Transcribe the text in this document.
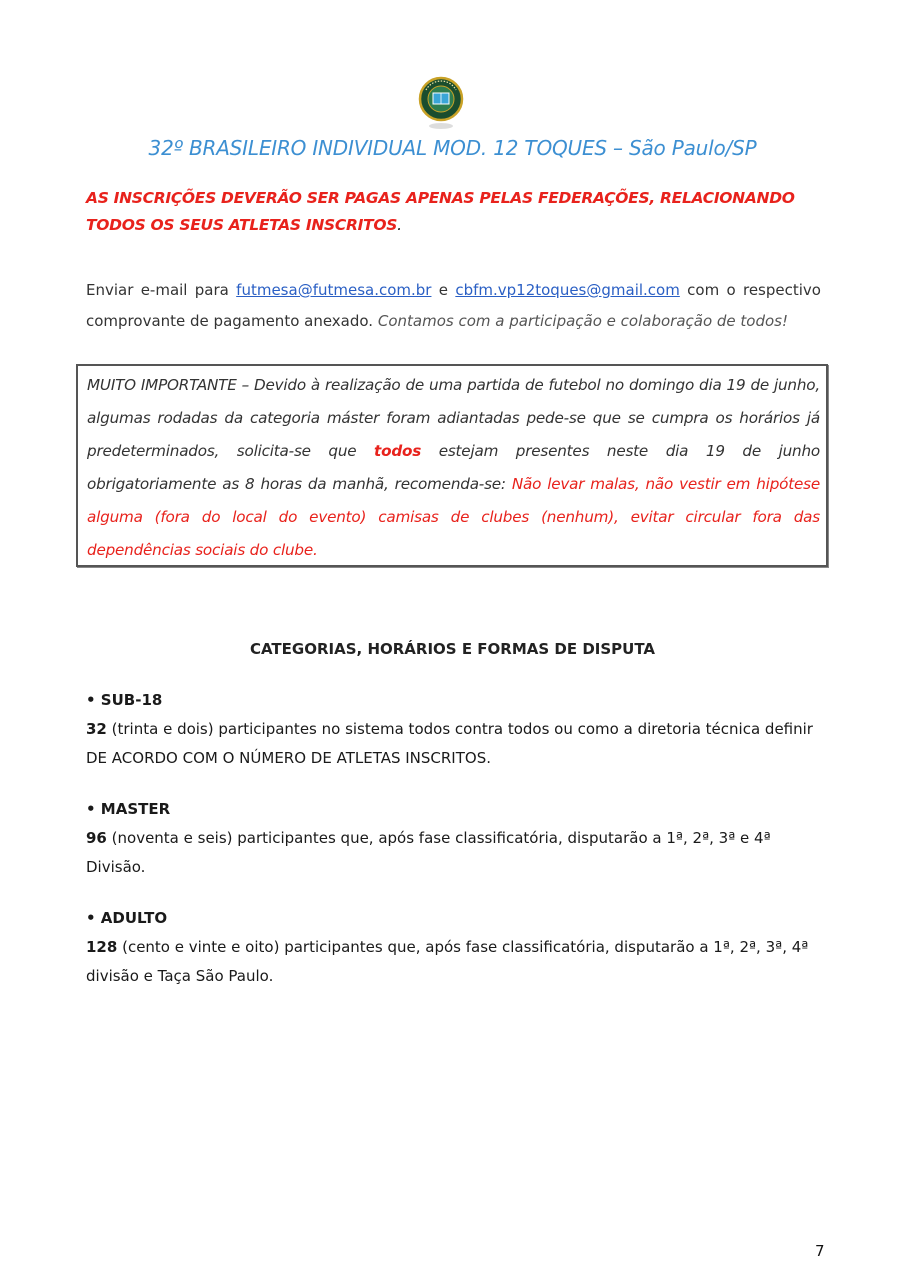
32º BRASILEIRO INDIVIDUAL MOD. 12 TOQUES – São Paulo/SP
AS INSCRIÇÕES DEVERÃO SER PAGAS APENAS PELAS FEDERAÇÕES, RELACIONANDO TODOS OS SEUS ATLETAS INSCRITOS.
Enviar e-mail para futmesa@futmesa.com.br e cbfm.vp12toques@gmail.com com o respectivo comprovante de pagamento anexado. Contamos com a participação e colaboração de todos!

MUITO IMPORTANTE – Devido à realização de uma partida de futebol no domingo dia 19 de junho, algumas rodadas da categoria máster foram adiantadas pede-se que se cumpra os horários já predeterminados, solicita-se que todos estejam presentes neste dia 19 de junho obrigatoriamente as 8 horas da manhã, recomenda-se: Não levar malas, não vestir em hipótese alguma (fora do local do evento) camisas de clubes (nenhum), evitar circular fora das dependências sociais do clube.

CATEGORIAS, HORÁRIOS E FORMAS DE DISPUTA
• SUB-18
32 (trinta e dois) participantes no sistema todos contra todos ou como a diretoria técnica definir DE ACORDO COM O NÚMERO DE ATLETAS INSCRITOS.
• MASTER
96 (noventa e seis) participantes que, após fase classificatória, disputarão a 1ª, 2ª, 3ª e 4ª Divisão.
• ADULTO
128 (cento e vinte e oito) participantes que, após fase classificatória, disputarão a 1ª, 2ª, 3ª, 4ª divisão e Taça São Paulo.
7
